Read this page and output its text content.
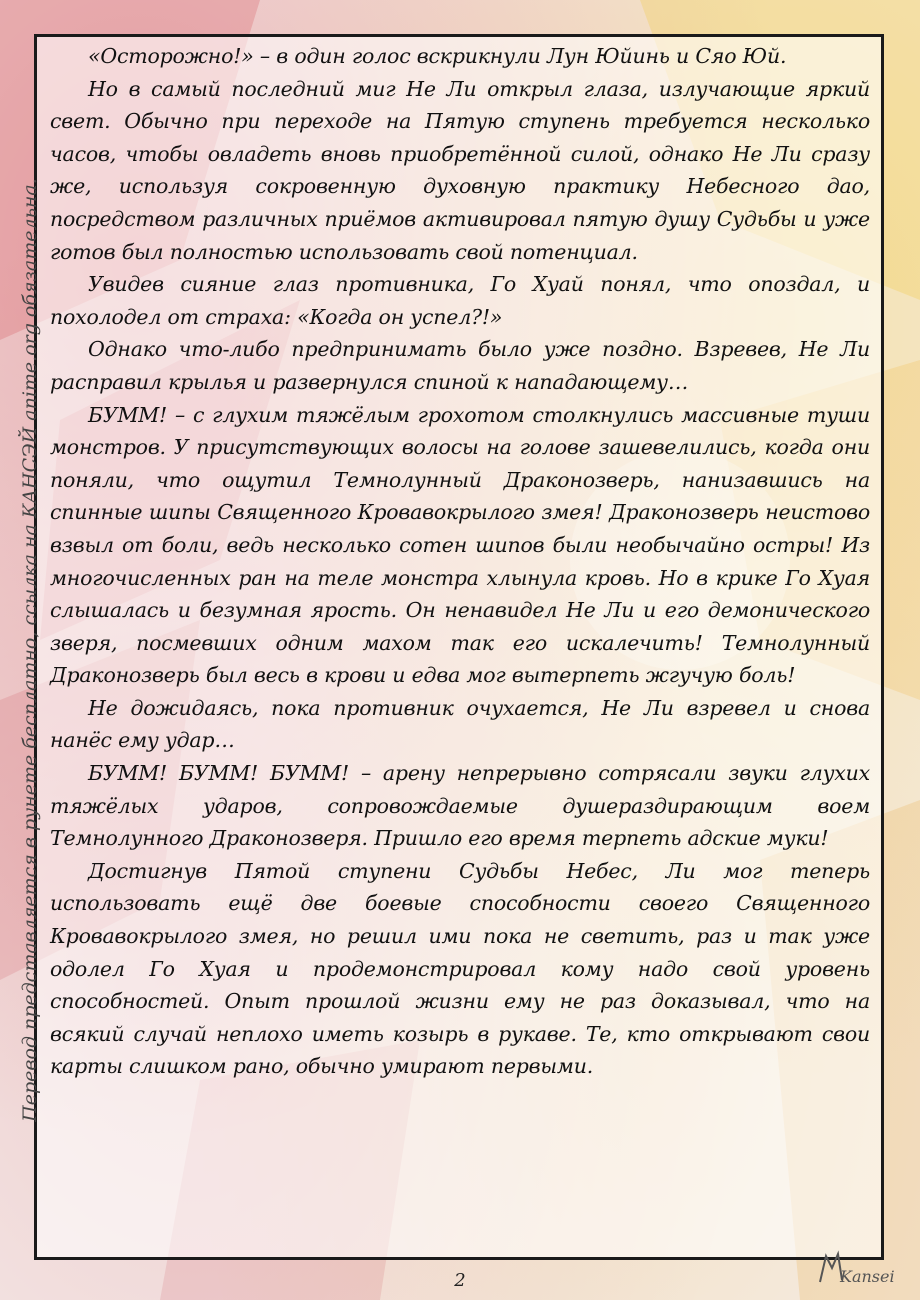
«Осторожно!» – в один голос вскрикнули Лун Юйинь и Сяо Юй.

Но в самый последний миг Не Ли открыл глаза, излучающие яркий свет. Обычно при переходе на Пятую ступень требуется несколько часов, чтобы овладеть вновь приобретённой силой, однако Не Ли сразу же, используя сокровенную духовную практику Небесного дао, посредством различных приёмов активировал пятую душу Судьбы и уже готов был полностью использовать свой потенциал.

Увидев сияние глаз противника, Го Хуай понял, что опоздал, и похолодел от страха: «Когда он успел?!»

Однако что-либо предпринимать было уже поздно. Взревев, Не Ли расправил крылья и развернулся спиной к нападающему…

БУММ! – с глухим тяжёлым грохотом столкнулись массивные туши монстров. У присутствующих волосы на голове зашевелились, когда они поняли, что ощутил Темнолунный Драконозверь, нанизавшись на спинные шипы Священного Кровавокрылого змея! Драконозверь неистово взвыл от боли, ведь несколько сотен шипов были необычайно остры! Из многочисленных ран на теле монстра хлынула кровь. Но в крике Го Хуая слышалась и безумная ярость. Он ненавидел Не Ли и его демонического зверя, посмевших одним махом так его искалечить! Темнолунный Драконозверь был весь в крови и едва мог вытерпеть жгучую боль!

Не дожидаясь, пока противник очухается, Не Ли взревел и снова нанёс ему удар…

БУММ! БУММ! БУММ! – арену непрерывно сотрясали звуки глухих тяжёлых ударов, сопровождаемые душераздирающим воем Темнолунного Драконозверя. Пришло его время терпеть адские муки!

Достигнув Пятой ступени Судьбы Небес, Ли мог теперь использовать ещё две боевые способности своего Священного Кровавокрылого змея, но решил ими пока не светить, раз и так уже одолел Го Хуая и продемонстрировал кому надо свой уровень способностей. Опыт прошлой жизни ему не раз доказывал, что на всякий случай неплохо иметь козырь в рукаве. Те, кто открывают свои карты слишком рано, обычно умирают первыми.

Перевод представляется в рунете бесплатно, ссылка на КАНСЭЙ anime.org обязательна.
2	Kansei
